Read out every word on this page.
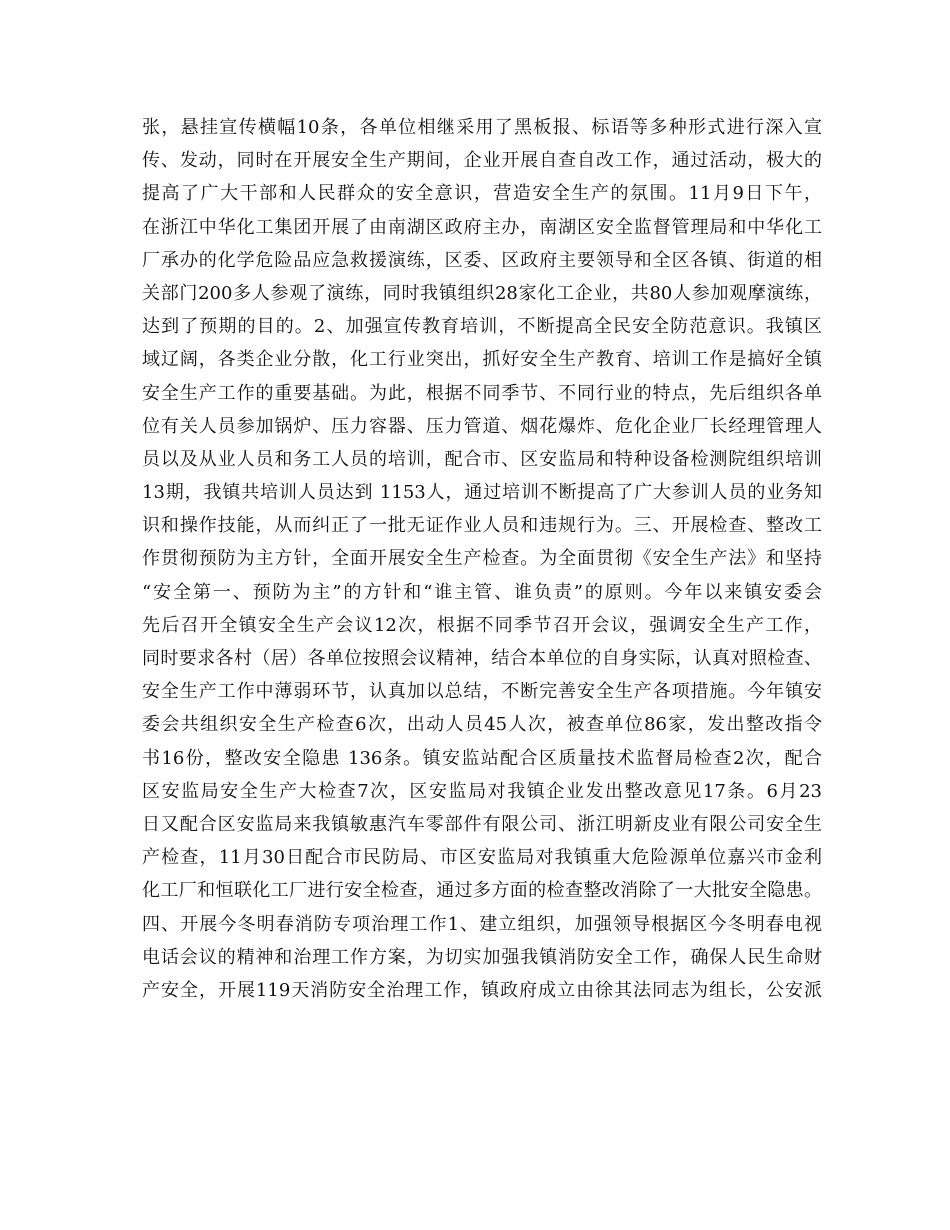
张，悬挂宣传横幅10条，各单位相继采用了黑板报、标语等多种形式进行深入宣
传、发动，同时在开展安全生产期间，企业开展自查自改工作，通过活动，极大的
提高了广大干部和人民群众的安全意识，营造安全生产的氛围。11月9日下午，
在浙江中华化工集团开展了由南湖区政府主办，南湖区安全监督管理局和中华化工
厂承办的化学危险品应急救援演练，区委、区政府主要领导和全区各镇、街道的相
关部门200多人参观了演练，同时我镇组织28家化工企业，共80人参加观摩演练，
达到了预期的目的。2、加强宣传教育培训，不断提高全民安全防范意识。我镇区
域辽阔，各类企业分散，化工行业突出，抓好安全生产教育、培训工作是搞好全镇
安全生产工作的重要基础。为此，根据不同季节、不同行业的特点，先后组织各单
位有关人员参加锅炉、压力容器、压力管道、烟花爆炸、危化企业厂长经理管理人
员以及从业人员和务工人员的培训，配合市、区安监局和特种设备检测院组织培训
13期，我镇共培训人员达到 1153人，通过培训不断提高了广大参训人员的业务知
识和操作技能，从而纠正了一批无证作业人员和违规行为。三、开展检查、整改工
作贯彻预防为主方针，全面开展安全生产检查。为全面贯彻《安全生产法》和坚持
“安全第一、预防为主”的方针和“谁主管、谁负责”的原则。今年以来镇安委会
先后召开全镇安全生产会议12次，根据不同季节召开会议，强调安全生产工作，
同时要求各村（居）各单位按照会议精神，结合本单位的自身实际，认真对照检查、
安全生产工作中薄弱环节，认真加以总结，不断完善安全生产各项措施。今年镇安
委会共组织安全生产检查6次，出动人员45人次，被查单位86家，发出整改指令
书16份，整改安全隐患 136条。镇安监站配合区质量技术监督局检查2次，配合
区安监局安全生产大检查7次，区安监局对我镇企业发出整改意见17条。6月23
日又配合区安监局来我镇敏惠汽车零部件有限公司、浙江明新皮业有限公司安全生
产检查，11月30日配合市民防局、市区安监局对我镇重大危险源单位嘉兴市金利
化工厂和恒联化工厂进行安全检查，通过多方面的检查整改消除了一大批安全隐患。
四、开展今冬明春消防专项治理工作1、建立组织，加强领导根据区今冬明春电视
电话会议的精神和治理工作方案，为切实加强我镇消防安全工作，确保人民生命财
产安全，开展119天消防安全治理工作，镇政府成立由徐其法同志为组长，公安派
